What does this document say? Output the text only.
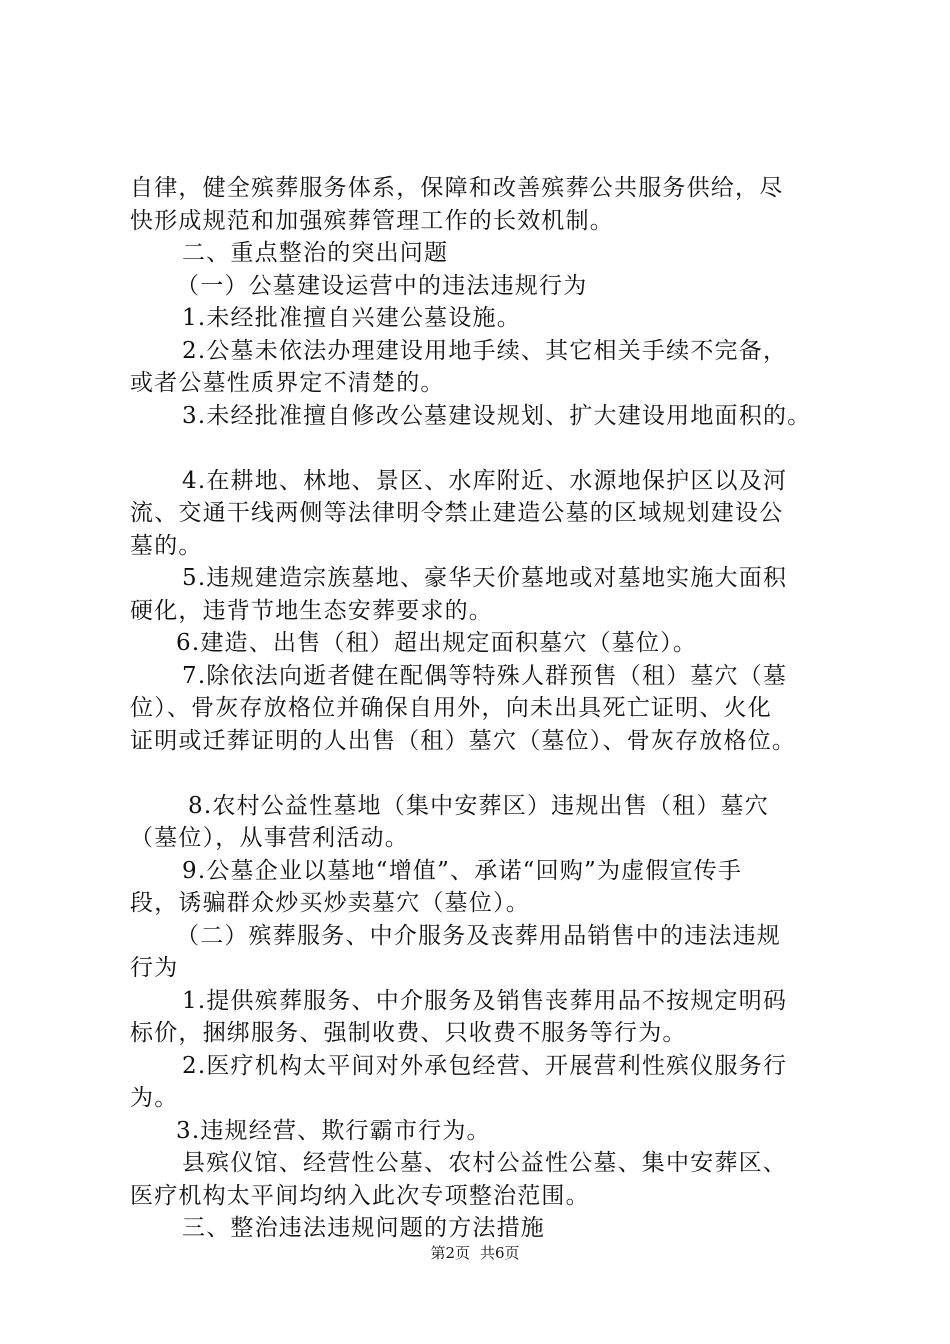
自律，健全殡葬服务体系，保障和改善殡葬公共服务供给，尽
快形成规范和加强殡葬管理工作的长效机制。
二、重点整治的突出问题
（一）公墓建设运营中的违法违规行为
1.未经批准擅自兴建公墓设施。
2.公墓未依法办理建设用地手续、其它相关手续不完备，
或者公墓性质界定不清楚的。
3.未经批准擅自修改公墓建设规划、扩大建设用地面积的。
4.在耕地、林地、景区、水库附近、水源地保护区以及河
流、交通干线两侧等法律明令禁止建造公墓的区域规划建设公
墓的。
5.违规建造宗族墓地、豪华天价墓地或对墓地实施大面积
硬化，违背节地生态安葬要求的。
6.建造、出售（租）超出规定面积墓穴（墓位）。
7.除依法向逝者健在配偶等特殊人群预售（租）墓穴（墓
位）、骨灰存放格位并确保自用外，向未出具死亡证明、火化
证明或迁葬证明的人出售（租）墓穴（墓位）、骨灰存放格位。
8.农村公益性墓地（集中安葬区）违规出售（租）墓穴
（墓位），从事营利活动。
9.公墓企业以墓地“增值”、承诺“回购”为虚假宣传手
段，诱骗群众炒买炒卖墓穴（墓位）。
（二）殡葬服务、中介服务及丧葬用品销售中的违法违规
行为
1.提供殡葬服务、中介服务及销售丧葬用品不按规定明码
标价，捆绑服务、强制收费、只收费不服务等行为。
2.医疗机构太平间对外承包经营、开展营利性殡仪服务行
为。
3.违规经营、欺行霸市行为。
县殡仪馆、经营性公墓、农村公益性公墓、集中安葬区、
医疗机构太平间均纳入此次专项整治范围。
三、整治违法违规问题的方法措施
第2页 共6页
